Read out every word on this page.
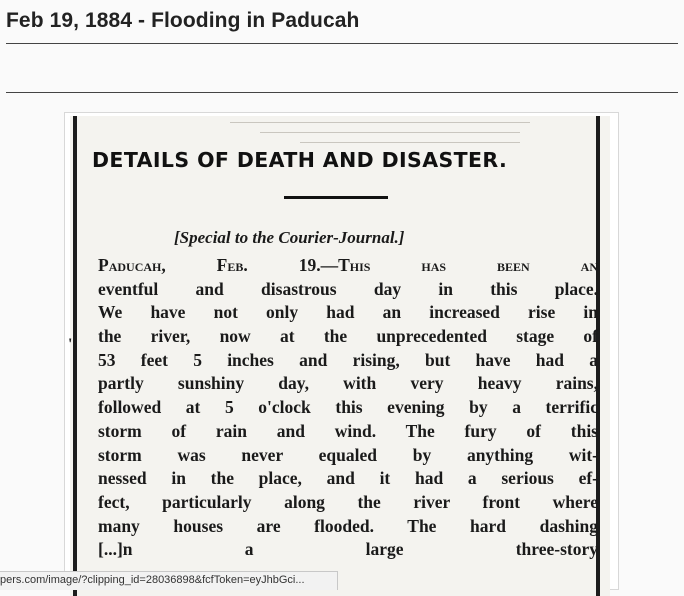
Feb 19, 1884 - Flooding in Paducah
DETAILS OF DEATH AND DISASTER.
[Special to the Courier-Journal.]
'
Paducah, Feb. 19.—This has been an
eventful and disastrous day in this place.
We have not only had an increased rise in
the river, now at the unprecedented stage of
53 feet 5 inches and rising, but have had a
partly sunshiny day, with very heavy rains,
followed at 5 o'clock this evening by a terrific
storm of rain and wind. The fury of this
storm was never equaled by anything wit-
nessed in the place, and it had a serious ef-
fect, particularly along the river front where
many houses are flooded. The hard dashing
[...]n a large three-story
pers.com/image/?clipping_id=28036898&fcfToken=eyJhbGci...
